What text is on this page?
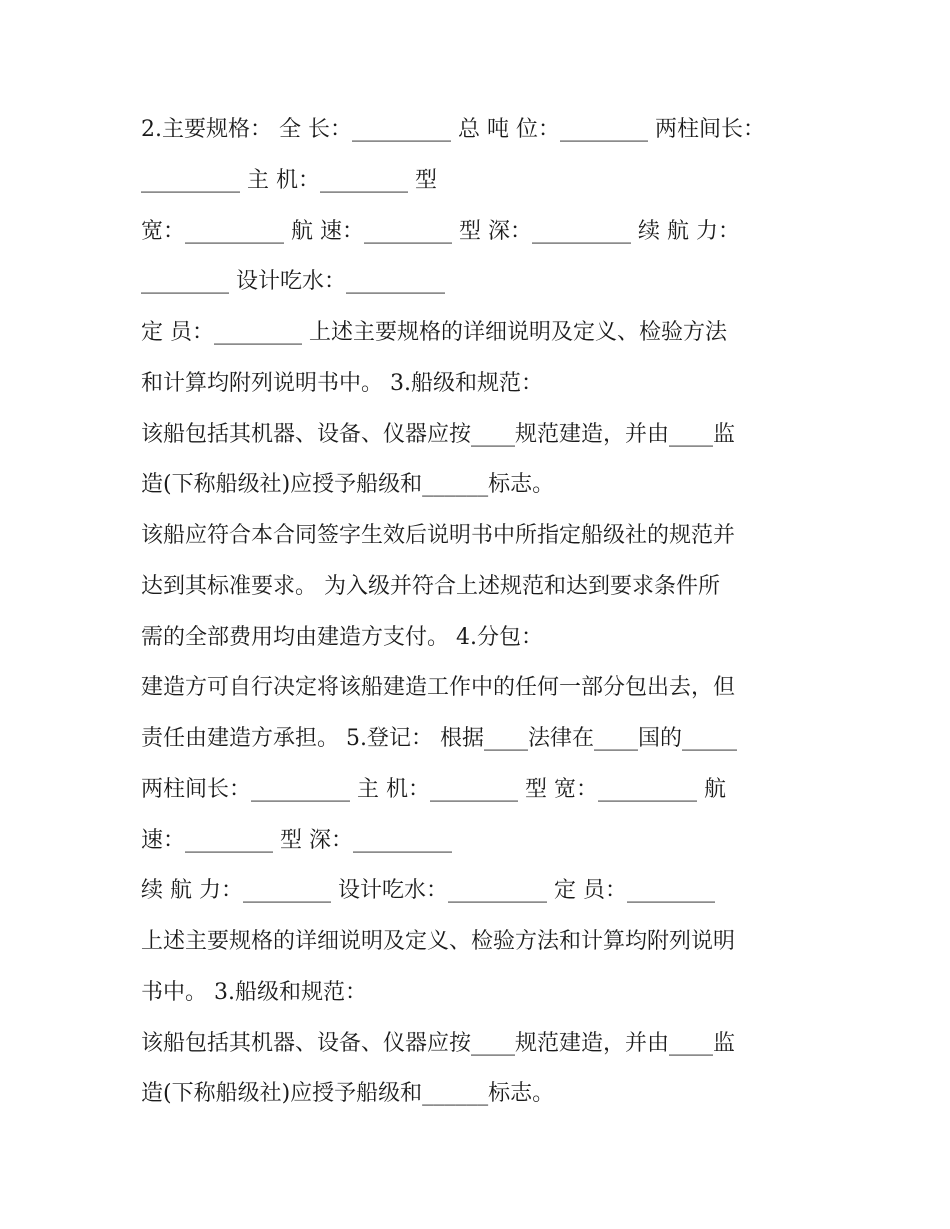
2.主要规格： 全 长：_________ 总 吨 位：________ 两柱间长：

_________ 主 机：________ 型

宽：_________ 航 速：________ 型 深：_________ 续 航 力：

________ 设计吃水：_________

定 员：________ 上述主要规格的详细说明及定义、检验方法

和计算均附列说明书中。 3.船级和规范：

该船包括其机器、设备、仪器应按____规范建造，并由____监

造(下称船级社)应授予船级和______标志。

该船应符合本合同签字生效后说明书中所指定船级社的规范并

达到其标准要求。 为入级并符合上述规范和达到要求条件所

需的全部费用均由建造方支付。 4.分包：

建造方可自行决定将该船建造工作中的任何一部分包出去，但

责任由建造方承担。 5.登记： 根据____法律在____国的_____

两柱间长：_________ 主 机：________ 型 宽：_________ 航

速：________ 型 深：_________

续 航 力：________ 设计吃水：_________ 定 员：________

上述主要规格的详细说明及定义、检验方法和计算均附列说明

书中。 3.船级和规范：

该船包括其机器、设备、仪器应按____规范建造，并由____监

造(下称船级社)应授予船级和______标志。
